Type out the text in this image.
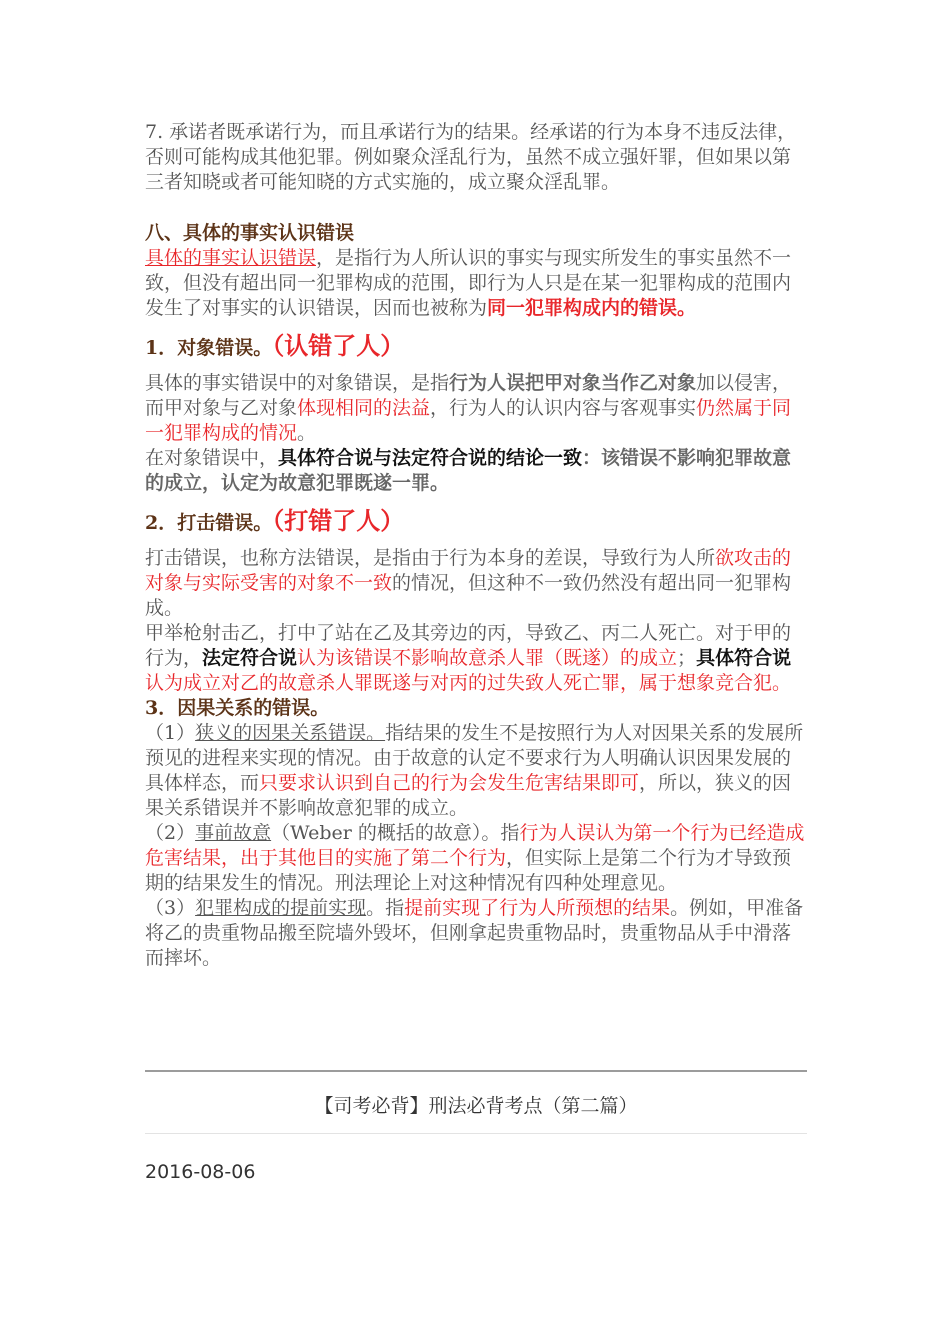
7. 承诺者既承诺行为，而且承诺行为的结果。经承诺的行为本身不违反法律，否则可能构成其他犯罪。例如聚众淫乱行为，虽然不成立强奸罪，但如果以第三者知晓或者可能知晓的方式实施的，成立聚众淫乱罪。

八、具体的事实认识错误

具体的事实认识错误，是指行为人所认识的事实与现实所发生的事实虽然不一致，但没有超出同一犯罪构成的范围，即行为人只是在某一犯罪构成的范围内发生了对事实的认识错误，因而也被称为同一犯罪构成内的错误。

1．对象错误。（认错了人）

具体的事实错误中的对象错误，是指行为人误把甲对象当作乙对象加以侵害，而甲对象与乙对象体现相同的法益，行为人的认识内容与客观事实仍然属于同一犯罪构成的情况。

在对象错误中，具体符合说与法定符合说的结论一致：该错误不影响犯罪故意的成立，认定为故意犯罪既遂一罪。

2．打击错误。（打错了人）

打击错误，也称方法错误，是指由于行为本身的差误，导致行为人所欲攻击的对象与实际受害的对象不一致的情况，但这种不一致仍然没有超出同一犯罪构成。

甲举枪射击乙，打中了站在乙及其旁边的丙，导致乙、丙二人死亡。对于甲的行为，法定符合说认为该错误不影响故意杀人罪（既遂）的成立；具体符合说认为成立对乙的故意杀人罪既遂与对丙的过失致人死亡罪，属于想象竞合犯。

3．因果关系的错误。

（1）狭义的因果关系错误。指结果的发生不是按照行为人对因果关系的发展所预见的进程来实现的情况。由于故意的认定不要求行为人明确认识因果发展的具体样态，而只要求认识到自己的行为会发生危害结果即可，所以，狭义的因果关系错误并不影响故意犯罪的成立。

（2）事前故意（Weber 的概括的故意）。指行为人误认为第一个行为已经造成危害结果，出于其他目的实施了第二个行为，但实际上是第二个行为才导致预期的结果发生的情况。刑法理论上对这种情况有四种处理意见。

（3）犯罪构成的提前实现。指提前实现了行为人所预想的结果。例如，甲准备将乙的贵重物品搬至院墙外毁坏，但刚拿起贵重物品时，贵重物品从手中滑落而摔坏。

【司考必背】刑法必背考点（第二篇）
2016-08-06
